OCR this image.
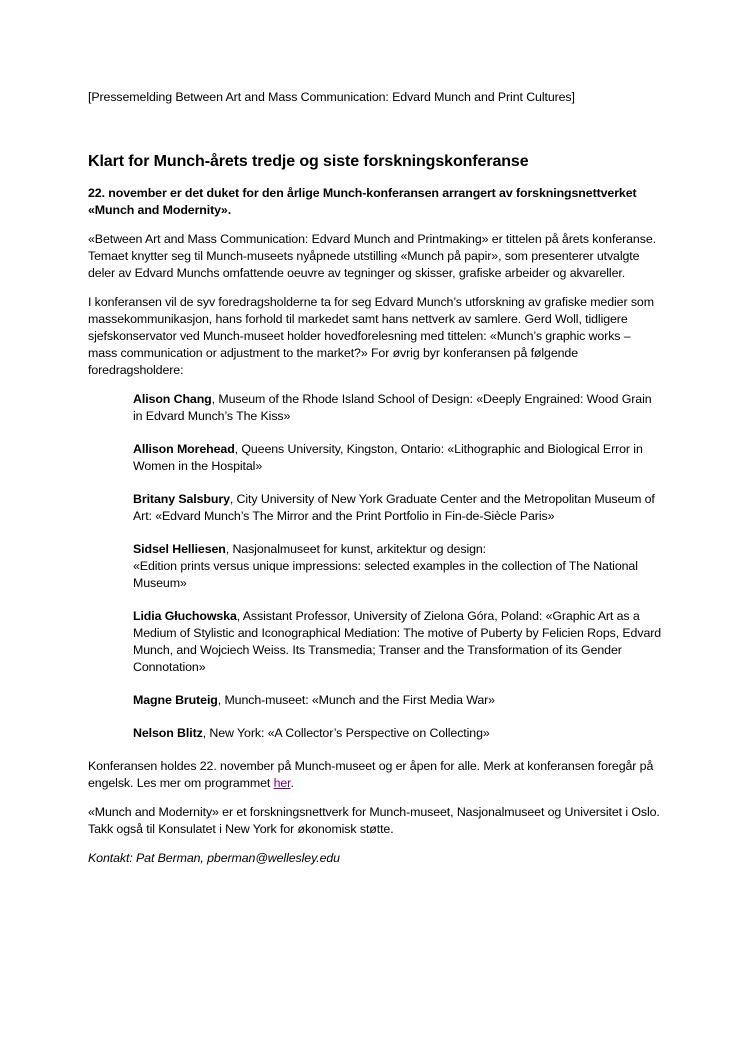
[Pressemelding Between Art and Mass Communication: Edvard Munch and Print Cultures]

Klart for Munch-årets tredje og siste forskningskonferanse

22. november er det duket for den årlige Munch-konferansen arrangert av forskningsnettverket «Munch and Modernity».

«Between Art and Mass Communication: Edvard Munch and Printmaking» er tittelen på årets konferanse. Temaet knytter seg til Munch-museets nyåpnede utstilling «Munch på papir», som presenterer utvalgte deler av Edvard Munchs omfattende oeuvre av tegninger og skisser, grafiske arbeider og akvareller.

I konferansen vil de syv foredragsholderne ta for seg Edvard Munch’s utforskning av grafiske medier som massekommunikasjon, hans forhold til markedet samt hans nettverk av samlere. Gerd Woll, tidligere sjefskonservator ved Munch-museet holder hovedforelesning med tittelen: «Munch’s graphic works – mass communication or adjustment to the market?» For øvrig byr konferansen på følgende foredragsholdere:

Alison Chang, Museum of the Rhode Island School of Design: «Deeply Engrained: Wood Grain in Edvard Munch’s The Kiss»

Allison Morehead, Queens University, Kingston, Ontario: «Lithographic and Biological Error in Women in the Hospital»

Britany Salsbury, City University of New York Graduate Center and the Metropolitan Museum of Art: «Edvard Munch’s The Mirror and the Print Portfolio in Fin-de-Siècle Paris»

Sidsel Helliesen, Nasjonalmuseet for kunst, arkitektur og design:
«Edition prints versus unique impressions: selected examples in the collection of The National Museum»

Lidia Głuchowska, Assistant Professor, University of Zielona Góra, Poland: «Graphic Art as a Medium of Stylistic and Iconographical Mediation: The motive of Puberty by Felicien Rops, Edvard Munch, and Wojciech Weiss. Its Transmedia; Transer and the Transformation of its Gender Connotation»

Magne Bruteig, Munch-museet: «Munch and the First Media War»

Nelson Blitz, New York: «A Collector’s Perspective on Collecting»

Konferansen holdes 22. november på Munch-museet og er åpen for alle. Merk at konferansen foregår på engelsk. Les mer om programmet her.

«Munch and Modernity» er et forskningsnettverk for Munch-museet, Nasjonalmuseet og Universitet i Oslo. Takk også til Konsulatet i New York for økonomisk støtte.

Kontakt: Pat Berman, pberman@wellesley.edu
